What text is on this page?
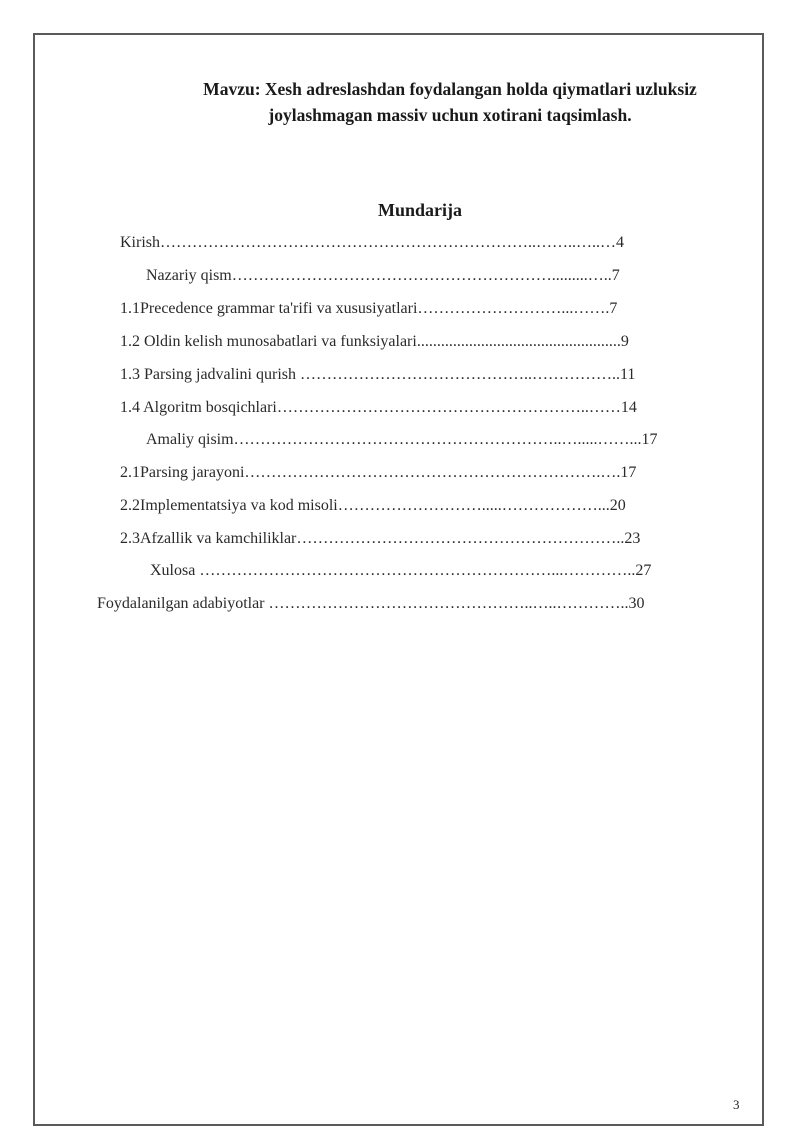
Mavzu: Xesh adreslashdan foydalangan holda qiymatlari uzluksiz
joylashmagan massiv uchun xotirani taqsimlash.
Mundarija
Kirish……………………………………………………………..……..…..…4
Nazariy qism…………………………………………………….........…..7
1.1Precedence grammar ta'rifi va xususiyatlari………………………...…….7
1.2 Oldin kelish munosabatlari va funksiyalari...................................................9
1.3 Parsing jadvalini qurish ……………………………………..……………..11
1.4 Algoritm bosqichlari…………………………………………………..……14
Amaliy qisim……………………………………………………..….....……...17
2.1Parsing jarayoni………………………………………………………….….17
2.2Implementatsiya va kod misoli……………………….....………………...20
2.3Afzallik va kamchiliklar……………………………………………………..23
Xulosa …………………………………………………………...…………..27
Foydalanilgan adabiyotlar …………………………………………..…..…………..30
3
